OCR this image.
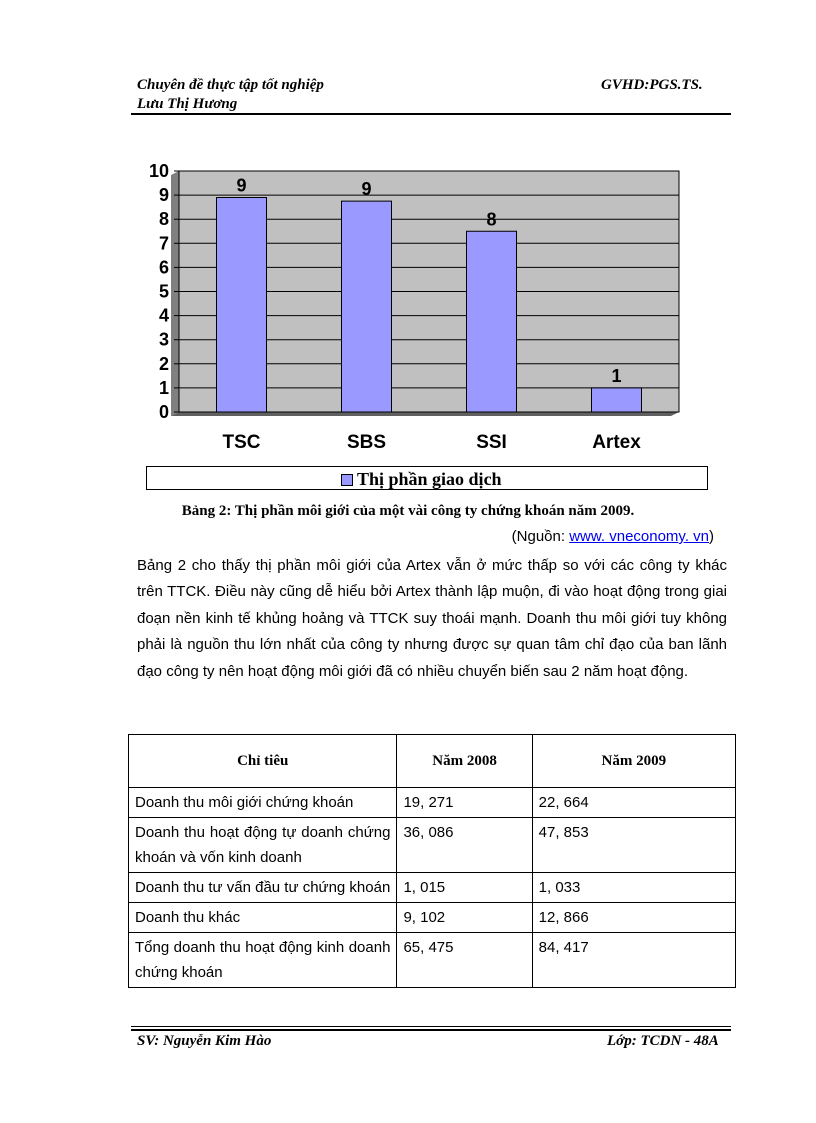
Chuyên đề thực tập tốt nghiệp
Lưu Thị Hương
GVHD:PGS.TS.
0
1
2
3
4
5
6
7
8
9
10
9
TSC
9
SBS
8
SSI
1
Artex
Thị phần giao dịch
Bảng 2: Thị phần môi giới của một vài công ty chứng khoán năm 2009.
(Nguồn: www. vneconomy. vn)
Bảng 2 cho thấy thị phần môi giới của Artex vẫn ở mức thấp so với các công ty khác trên TTCK. Điều này cũng dễ hiểu bởi Artex thành lập muộn, đi vào hoạt động trong giai đoạn nền kinh tế khủng hoảng và TTCK suy thoái mạnh. Doanh thu môi giới tuy không phải là nguồn thu lớn nhất của công ty nhưng được sự quan tâm chỉ đạo của ban lãnh đạo công ty nên hoạt động môi giới đã có nhiều chuyển biến sau 2 năm hoạt động.
Chỉ tiêu	Năm 2008	Năm 2009
Doanh thu môi giới chứng khoán	19, 271	22, 664
Doanh thu hoạt động tự doanh chứng khoán và vốn kinh doanh	36, 086	47, 853
Doanh thu tư vấn đầu tư chứng khoán	1, 015	1, 033
Doanh thu khác	9, 102	12, 866
Tổng doanh thu hoạt động kinh doanh chứng khoán	65, 475	84, 417
SV: Nguyễn Kim Hào	Lớp: TCDN - 48A
